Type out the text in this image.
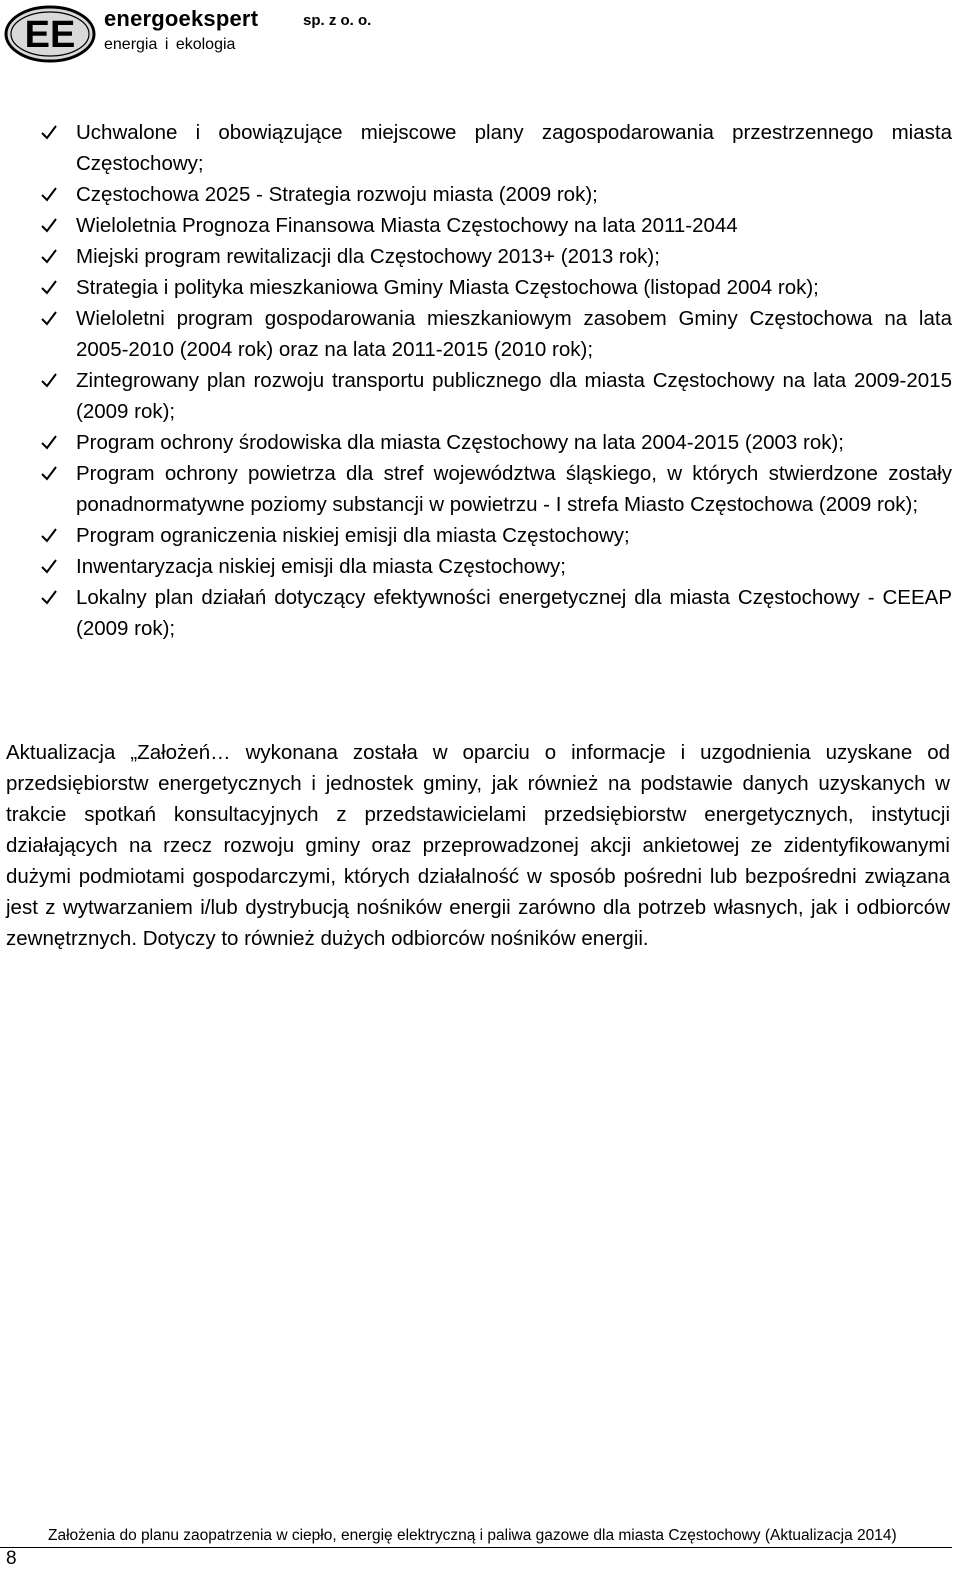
EE energoekspert	sp. z o. o.
energia i ekologia
Uchwalone i obowiązujące miejscowe plany zagospodarowania przestrzennego miasta Częstochowy;
Częstochowa 2025 - Strategia rozwoju miasta (2009 rok);
Wieloletnia Prognoza Finansowa Miasta Częstochowy na lata 2011-2044
Miejski program rewitalizacji dla Częstochowy 2013+ (2013 rok);
Strategia i polityka mieszkaniowa Gminy Miasta Częstochowa (listopad 2004 rok);
Wieloletni program gospodarowania mieszkaniowym zasobem Gminy Częstochowa na lata 2005-2010 (2004 rok) oraz na lata 2011-2015 (2010 rok);
Zintegrowany plan rozwoju transportu publicznego dla miasta Częstochowy na lata 2009-2015 (2009 rok);
Program ochrony środowiska dla miasta Częstochowy na lata 2004-2015 (2003 rok);
Program ochrony powietrza dla stref województwa śląskiego, w których stwierdzone zostały ponadnormatywne poziomy substancji w powietrzu - I strefa Miasto Częstochowa (2009 rok);
Program ograniczenia niskiej emisji dla miasta Częstochowy;
Inwentaryzacja niskiej emisji dla miasta Częstochowy;
Lokalny plan działań dotyczący efektywności energetycznej dla miasta Częstochowy - CEEAP (2009 rok);

Aktualizacja „Założeń… wykonana została w oparciu o informacje i uzgodnienia uzyskane od przedsiębiorstw energetycznych i jednostek gminy, jak również na podstawie danych uzyskanych w trakcie spotkań konsultacyjnych z przedstawicielami przedsiębiorstw energetycznych, instytucji działających na rzecz rozwoju gminy oraz przeprowadzonej akcji ankietowej ze zidentyfikowanymi dużymi podmiotami gospodarczymi, których działalność w sposób pośredni lub bezpośredni związana jest z wytwarzaniem i/lub dystrybucją nośników energii zarówno dla potrzeb własnych, jak i odbiorców zewnętrznych. Dotyczy to również dużych odbiorców nośników energii.

Założenia do planu zaopatrzenia w ciepło, energię elektryczną i paliwa gazowe dla miasta Częstochowy (Aktualizacja 2014)
8
